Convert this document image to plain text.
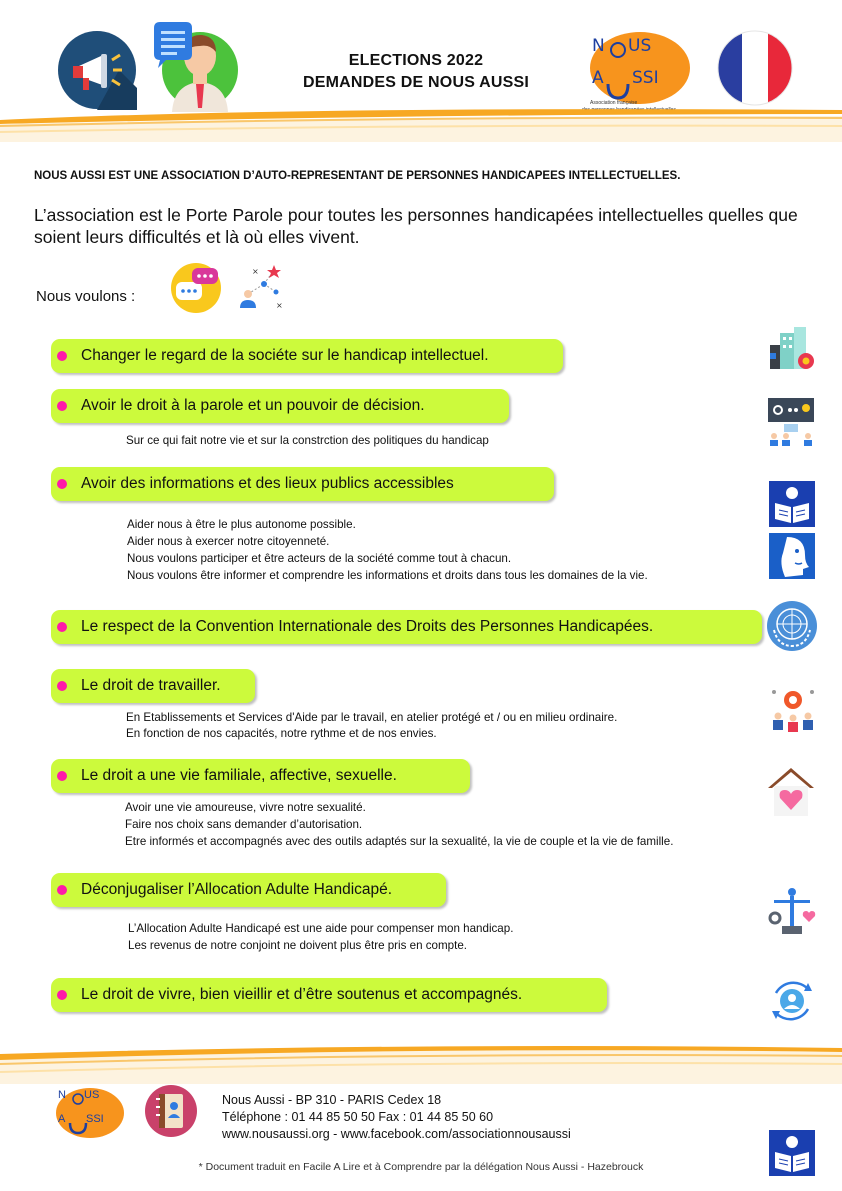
ELECTIONS 2022
DEMANDES DE NOUS AUSSI
N US
A SSI
Association française
NOUS AUSSI EST UNE ASSOCIATION D’AUTO-REPRESENTANT DE PERSONNES HANDICAPEES INTELLECTUELLES.
L’association est le Porte Parole pour toutes les personnes handicapées intellectuelles quelles que soient leurs difficultés et là où elles vivent.
Nous voulons :
×
×
Changer le regard de la sociéte sur le handicap intellectuel.
Avoir le droit à la parole et un pouvoir de décision.
Sur ce qui fait notre vie et sur la constrction des politiques du handicap
Avoir des informations et des lieux publics accessibles
Aider nous à être le plus autonome possible.
Aider nous à exercer notre citoyenneté.
Nous voulons participer et être acteurs de la société comme tout à chacun.
Nous voulons être informer et comprendre les informations et droits dans tous les domaines de la vie.
Le respect de la Convention Internationale des Droits des Personnes Handicapées.
Le droit de travailler.
En Etablissements et Services d'Aide par le travail, en atelier protégé et / ou en milieu ordinaire.
En fonction de nos capacités, notre rythme et de nos envies.
Le droit a une vie familiale, affective, sexuelle.
Avoir une vie amoureuse, vivre notre sexualité.
Faire nos choix sans demander d’autorisation.
Etre informés et accompagnés avec des outils adaptés sur la sexualité, la vie de couple et la vie de famille.
Déconjugaliser l’Allocation Adulte Handicapé.
L’Allocation Adulte Handicapé est une aide pour compenser mon handicap.
Les revenus de notre conjoint ne doivent plus être pris en compte.
Le droit de vivre, bien vieillir et d’être soutenus et accompagnés.
N US
A SSI
Nous Aussi - BP 310 - PARIS Cedex 18
Téléphone : 01 44 85 50 50 Fax : 01 44 85 50 60
www.nousaussi.org - www.facebook.com/associationnousaussi
* Document traduit en Facile A Lire et à Comprendre par la délégation Nous Aussi - Hazebrouck
